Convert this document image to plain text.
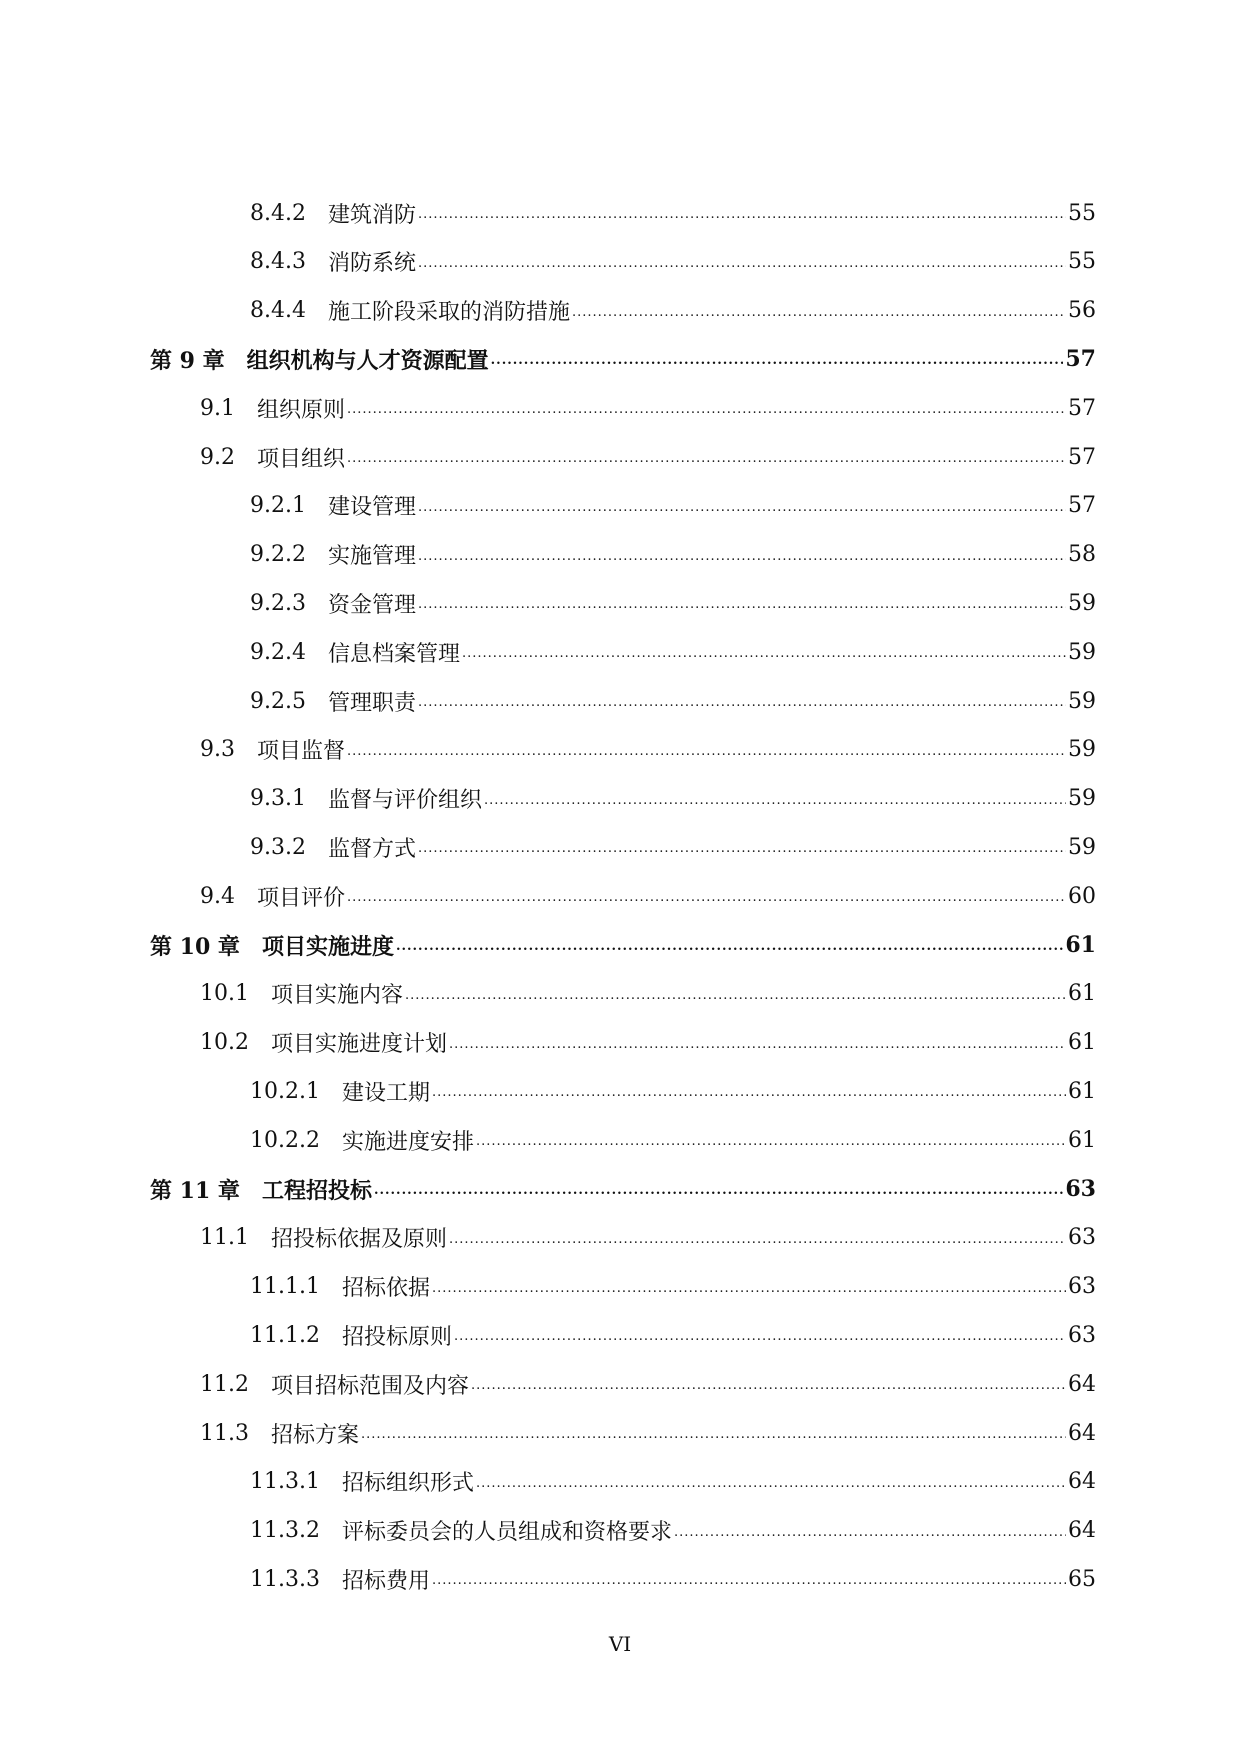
8.4.2 建筑消防 .....	55
8.4.3 消防系统 .....	55
8.4.4 施工阶段采取的消防措施 .....	56
第 9 章 组织机构与人才资源配置 .....	57
9.1 组织原则 .....	57
9.2 项目组织 .....	57
9.2.1 建设管理 .....	57
9.2.2 实施管理 .....	58
9.2.3 资金管理 .....	59
9.2.4 信息档案管理 .....	59
9.2.5 管理职责 .....	59
9.3 项目监督 .....	59
9.3.1 监督与评价组织 .....	59
9.3.2 监督方式 .....	59
9.4 项目评价 .....	60
第 10 章 项目实施进度 .....	61
10.1 项目实施内容 .....	61
10.2 项目实施进度计划 .....	61
10.2.1 建设工期 .....	61
10.2.2 实施进度安排 .....	61
第 11 章 工程招投标 .....	63
11.1 招投标依据及原则 .....	63
11.1.1 招标依据 .....	63
11.1.2 招投标原则 .....	63
11.2 项目招标范围及内容 .....	64
11.3 招标方案 .....	64
11.3.1 招标组织形式 .....	64
11.3.2 评标委员会的人员组成和资格要求 .....	64
11.3.3 招标费用 .....	65
VI
